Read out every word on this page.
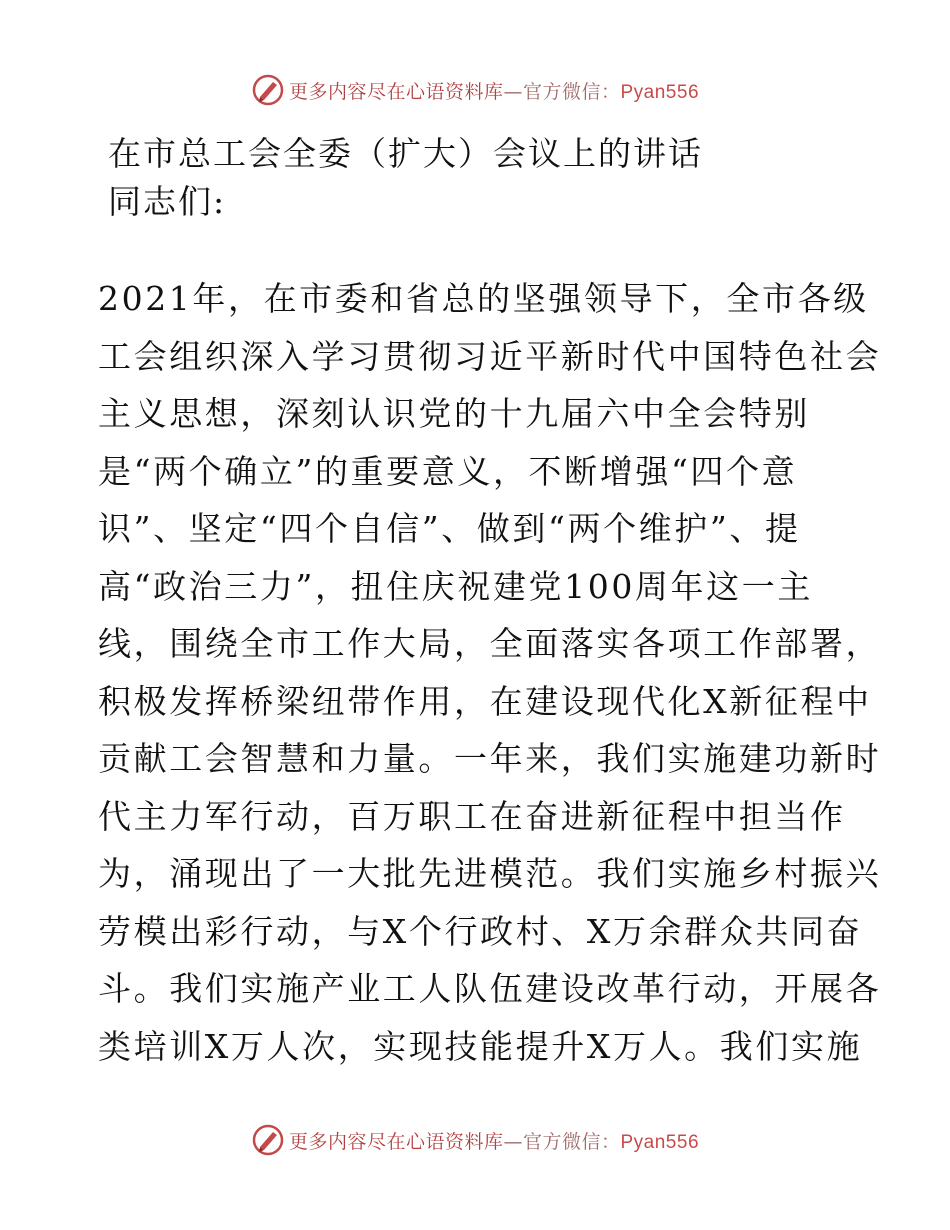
更多内容尽在心语资料库—官方微信：Pyan556
在市总工会全委（扩大）会议上的讲话
同志们:
2021年，在市委和省总的坚强领导下，全市各级
工会组织深入学习贯彻习近平新时代中国特色社会
主义思想，深刻认识党的十九届六中全会特别
是“两个确立”的重要意义，不断增强“四个意
识”、坚定“四个自信”、做到“两个维护”、提
高“政治三力”，扭住庆祝建党100周年这一主
线，围绕全市工作大局，全面落实各项工作部署，
积极发挥桥梁纽带作用，在建设现代化X新征程中
贡献工会智慧和力量。一年来，我们实施建功新时
代主力军行动，百万职工在奋进新征程中担当作
为，涌现出了一大批先进模范。我们实施乡村振兴
劳模出彩行动，与X个行政村、X万余群众共同奋
斗。我们实施产业工人队伍建设改革行动，开展各
类培训X万人次，实现技能提升X万人。我们实施
更多内容尽在心语资料库—官方微信：Pyan556
